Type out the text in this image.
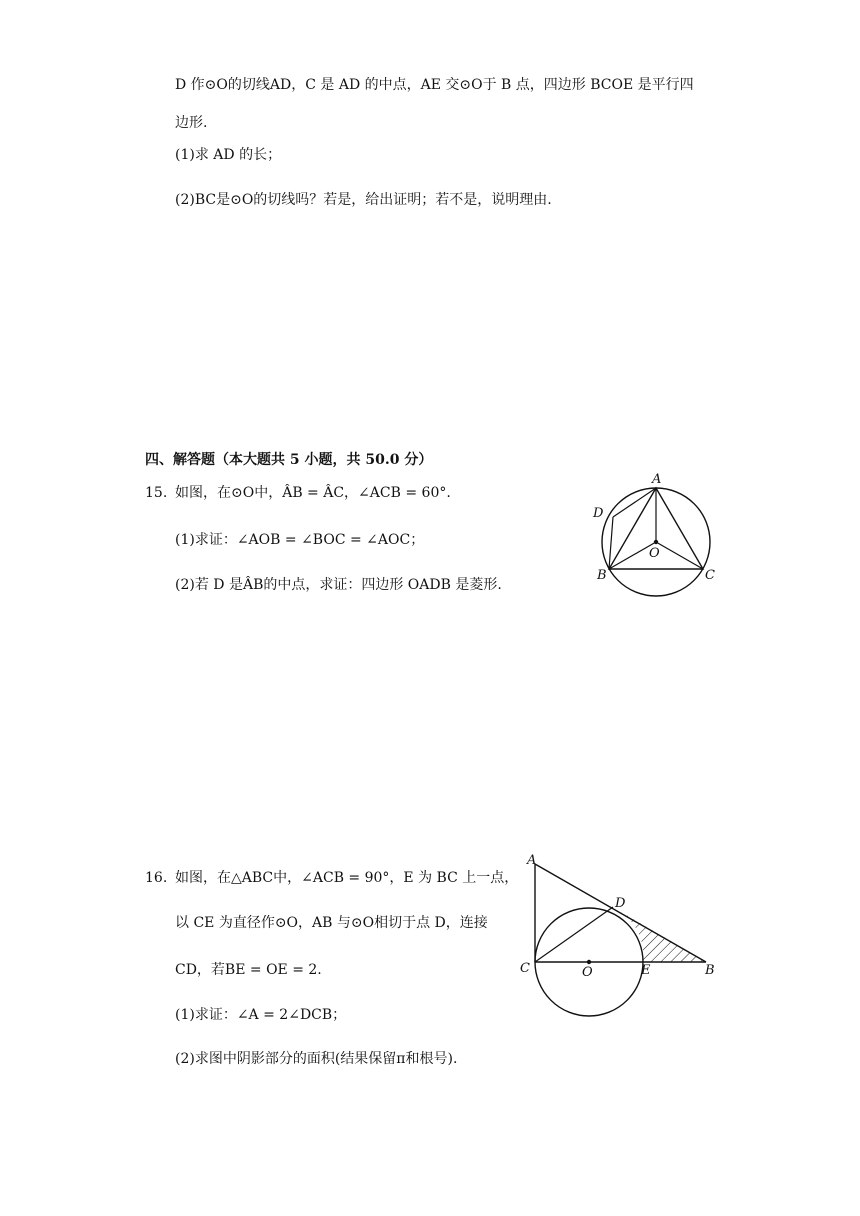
D 作⊙O的切线AD，C 是 AD 的中点，AE 交⊙O于 B 点，四边形 BCOE 是平行四
边形.
(1)求 AD 的长；
(2)BC是⊙O的切线吗？若是，给出证明；若不是，说明理由.
四、解答题（本大题共 5 小题，共 50.0 分）
15. 如图，在⊙O中，ÂB = ÂC，∠ACB = 60°.
(1)求证：∠AOB = ∠BOC = ∠AOC；
(2)若 D 是ÂB的中点，求证：四边形 OADB 是菱形.
A
D
O
B	C
16. 如图，在△ABC中，∠ACB = 90°，E 为 BC 上一点，
以 CE 为直径作⊙O，AB 与⊙O相切于点 D，连接
CD，若BE = OE = 2.
(1)求证：∠A = 2∠DCB；
(2)求图中阴影部分的面积(结果保留π和根号).
A
D
C	O	E	B
